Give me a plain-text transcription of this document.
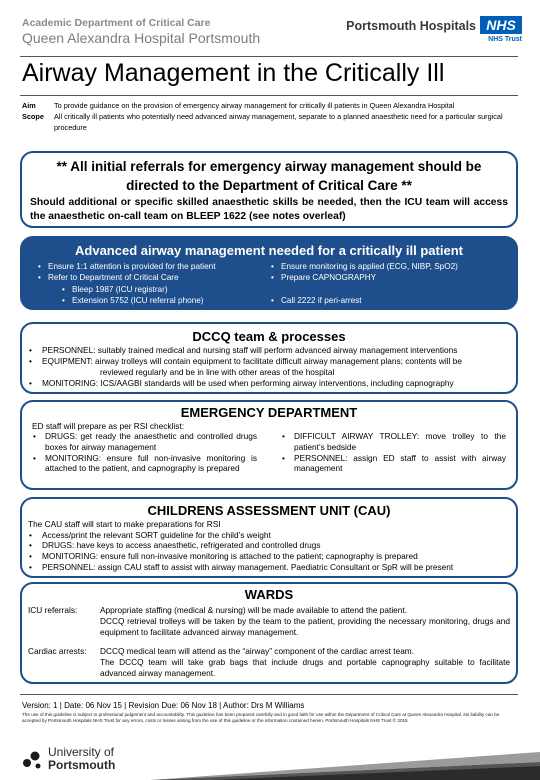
Academic Department of Critical Care
Queen Alexandra Hospital Portsmouth
Portsmouth Hospitals NHS
NHS Trust
Airway Management in the Critically Ill
Aim	To provide guidance on the provision of emergency airway management for critically ill patients in Queen Alexandra Hospital
Scope	All critically ill patients who potentially need advanced airway management, separate to a planned anaesthetic need for a particular surgical procedure
** All initial referrals for emergency airway management should be directed to the Department of Critical Care **
Should additional or specific skilled anaesthetic skills be needed, then the ICU team will access the anaesthetic on-call team on BLEEP 1622 (see notes overleaf)
Advanced airway management needed for a critically ill patient
• Ensure 1:1 attention is provided for the patient
• Refer to Department of Critical Care
• Bleep 1987 (ICU registrar)
• Extension 5752 (ICU referral phone)
• Ensure monitoring is applied (ECG, NIBP, SpO2)
• Prepare CAPNOGRAPHY
• Call 2222 if peri-arrest
DCCQ team & processes
• PERSONNEL: suitably trained medical and nursing staff will perform advanced airway management interventions
• EQUIPMENT: airway trolleys will contain equipment to facilitate difficult airway management plans; contents will be
reviewed regularly and be in line with other areas of the hospital
• MONITORING: ICS/AAGBI standards will be used when performing airway interventions, including capnography
EMERGENCY DEPARTMENT
ED staff will prepare as per RSI checklist:
• DRUGS: get ready the anaesthetic and controlled drugs boxes for airway management
• MONITORING: ensure full non-invasive monitoring is attached to the patient, and capnography is prepared
• DIFFICULT AIRWAY TROLLEY: move trolley to the patient’s bedside
• PERSONNEL: assign ED staff to assist with airway management
CHILDRENS ASSESSMENT UNIT (CAU)
The CAU staff will start to make preparations for RSI
• Access/print the relevant SORT guideline for the child’s weight
• DRUGS: have keys to access anaesthetic, refrigerated and controlled drugs
• MONITORING: ensure full non-invasive monitoring is attached to the patient; capnography is prepared
• PERSONNEL: assign CAU staff to assist with airway management. Paediatric Consultant or SpR will be present
WARDS
ICU referrals:	Appropriate staffing (medical & nursing) will be made available to attend the patient.
DCCQ retrieval trolleys will be taken by the team to the patient, providing the necessary monitoring, drugs and equipment to facilitate advanced airway management.
Cardiac arrests:	DCCQ medical team will attend as the “airway” component of the cardiac arrest team.
The DCCQ team will take grab bags that include drugs and portable capnography suitable to facilitate advanced airway management.
Version: 1 | Date: 06 Nov 15 | Revision Due: 06 Nov 18 | Author: Drs M Williams
The use of this guideline is subject to professional judgement and accountability. This guideline has been prepared carefully and in good faith for use within the Department of Critical Care at Queen Alexandra Hospital. No liability can be accepted by Portsmouth Hospitals NHS Trust for any errors, costs or losses arising from the use of this guideline or the information contained herein. Portsmouth Hospitals NHS Trust © 2015
University of
Portsmouth
